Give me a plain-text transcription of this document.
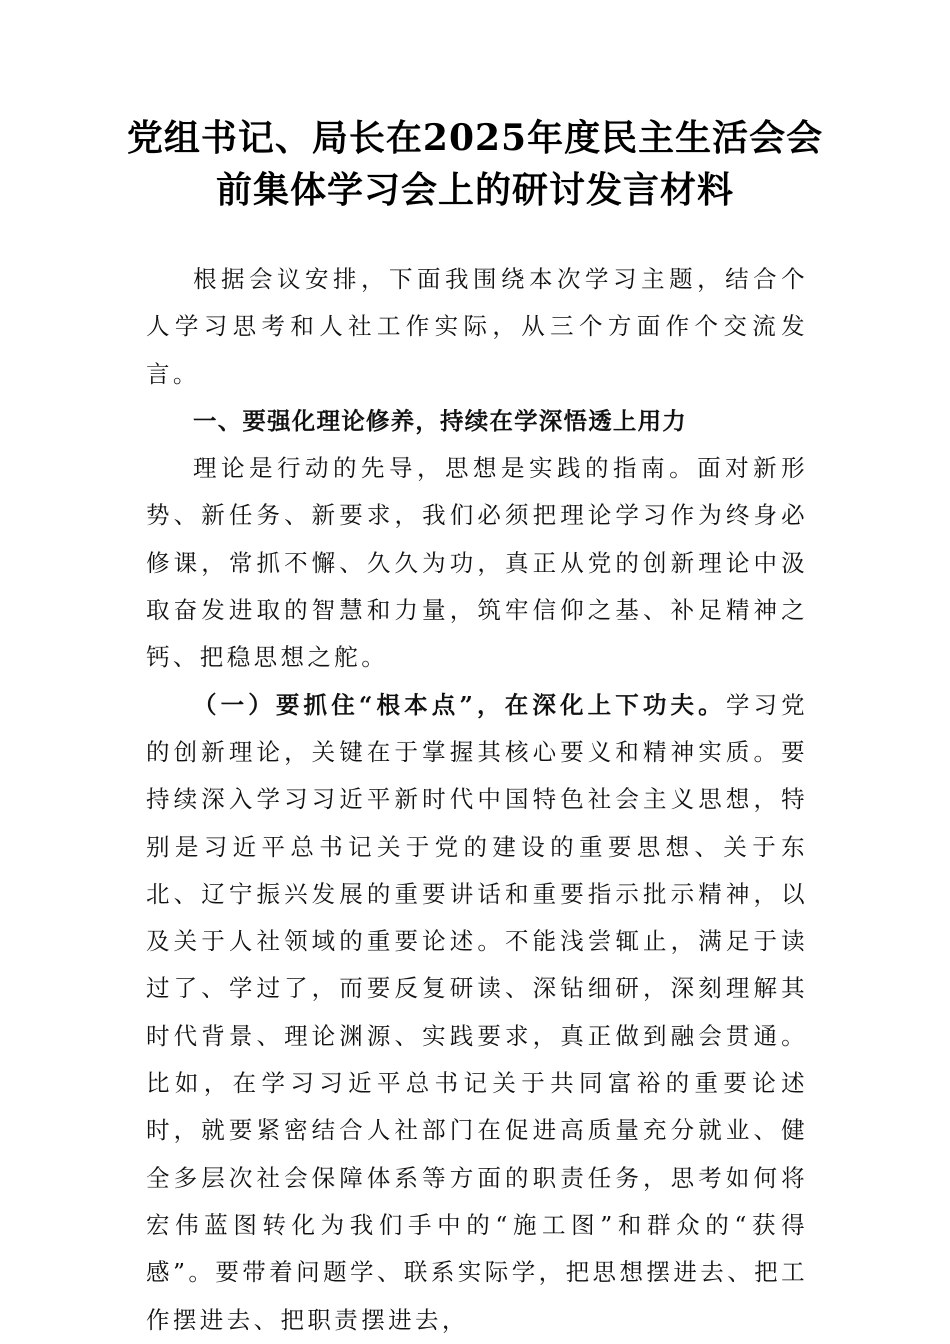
党组书记、局长在2025年度民主生活会会
前集体学习会上的研讨发言材料

根据会议安排，下面我围绕本次学习主题，结合个人学习思考和人社工作实际，从三个方面作个交流发言。

一、要强化理论修养，持续在学深悟透上用力

理论是行动的先导，思想是实践的指南。面对新形势、新任务、新要求，我们必须把理论学习作为终身必修课，常抓不懈、久久为功，真正从党的创新理论中汲取奋发进取的智慧和力量，筑牢信仰之基、补足精神之钙、把稳思想之舵。

（一）要抓住“根本点”，在深化上下功夫。学习党的创新理论，关键在于掌握其核心要义和精神实质。要持续深入学习习近平新时代中国特色社会主义思想，特别是习近平总书记关于党的建设的重要思想、关于东北、辽宁振兴发展的重要讲话和重要指示批示精神，以及关于人社领域的重要论述。不能浅尝辄止，满足于读过了、学过了，而要反复研读、深钻细研，深刻理解其时代背景、理论渊源、实践要求，真正做到融会贯通。比如，在学习习近平总书记关于共同富裕的重要论述时，就要紧密结合人社部门在促进高质量充分就业、健全多层次社会保障体系等方面的职责任务，思考如何将宏伟蓝图转化为我们手中的“施工图”和群众的“获得感”。要带着问题学、联系实际学，把思想摆进去、把工作摆进去、把职责摆进去，
